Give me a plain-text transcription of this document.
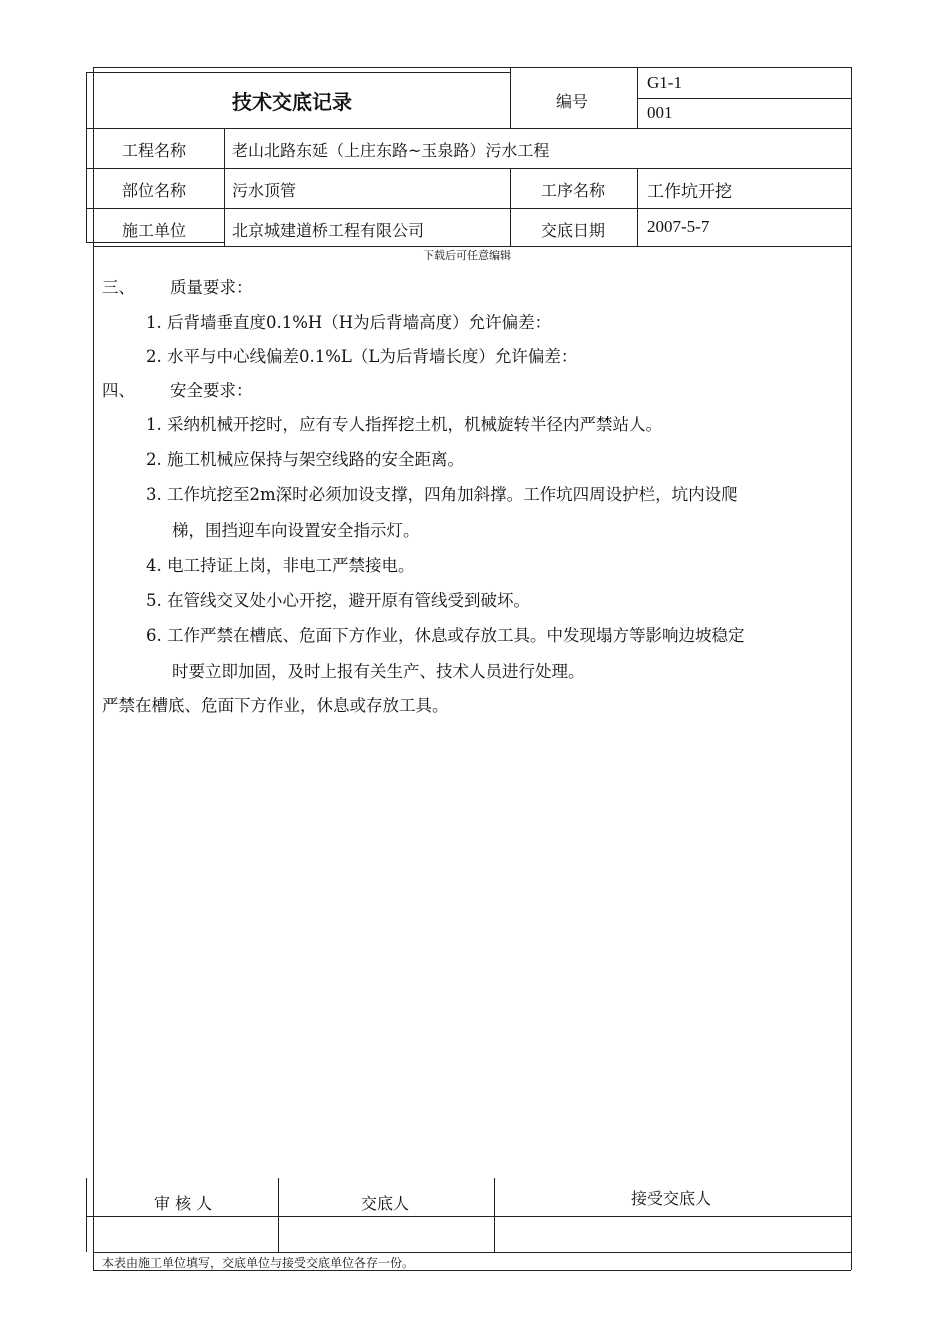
技术交底记录	编号
G1-1
001
工程名称	老山北路东延（上庄东路~玉泉路）污水工程
部位名称	污水顶管	工序名称 工作坑开挖
施工单位	北京城建道桥工程有限公司	交底日期 2007-5-7
下载后可任意编辑
三、 质量要求：
1. 后背墙垂直度0.1%H（H为后背墙高度）允许偏差：
2. 水平与中心线偏差0.1%L（L为后背墙长度）允许偏差：
四、 安全要求：
1. 采纳机械开挖时，应有专人指挥挖土机，机械旋转半径内严禁站人。
2. 施工机械应保持与架空线路的安全距离。
3. 工作坑挖至2m深时必须加设支撑，四角加斜撑。工作坑四周设护栏，坑内设爬
梯，围挡迎车向设置安全指示灯。
4. 电工持证上岗，非电工严禁接电。
5. 在管线交叉处小心开挖，避开原有管线受到破坏。
6. 工作严禁在槽底、危面下方作业，休息或存放工具。中发现塌方等影响边坡稳定
时要立即加固，及时上报有关生产、技术人员进行处理。
严禁在槽底、危面下方作业，休息或存放工具。
审 核 人	交底人	接受交底人
本表由施工单位填写，交底单位与接受交底单位各存一份。
